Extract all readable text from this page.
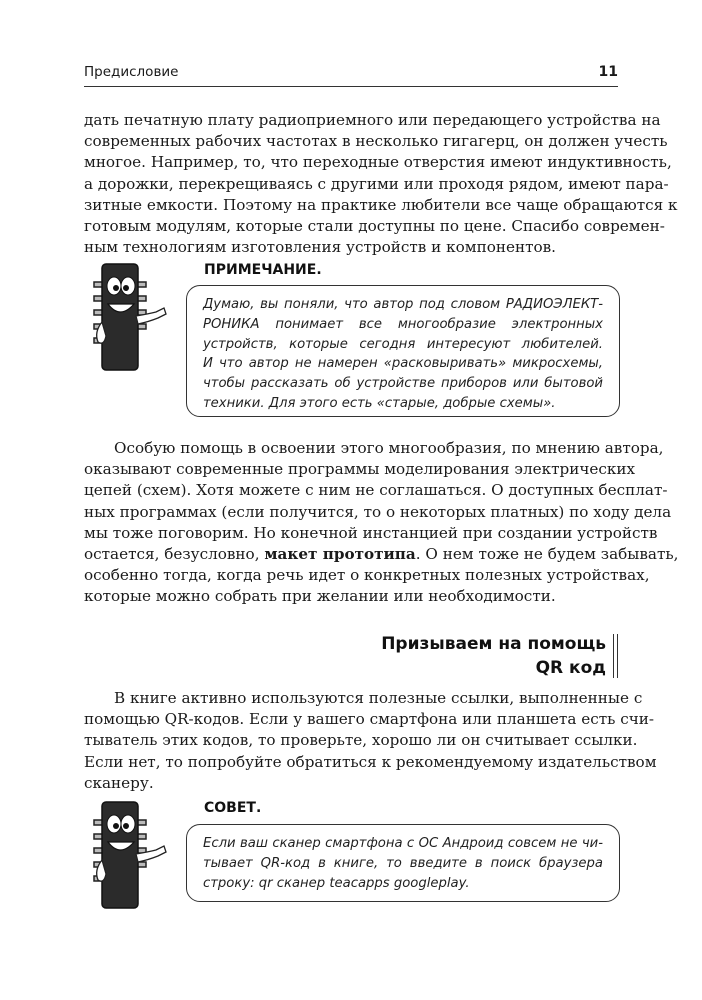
Предисловие	11
дать печатную плату радиоприемного или передающего устройства на
современных рабочих частотах в несколько гигагерц, он должен учесть
многое. Например, то, что переходные отверстия имеют индуктивность,
а дорожки, перекрещиваясь с другими или проходя рядом, имеют пара-
зитные емкости. Поэтому на практике любители все чаще обращаются к
готовым модулям, которые стали доступны по цене. Спасибо современ-
ным технологиям изготовления устройств и компонентов.
ПРИМЕЧАНИЕ.
Думаю, вы поняли, что автор под словом РАДИОЭЛЕКТ-
РОНИКА понимает все многообразие электронных
устройств, которые сегодня интересуют любителей.
И что автор не намерен «расковыривать» микросхемы,
чтобы рассказать об устройстве приборов или бытовой
техники. Для этого есть «старые, добрые схемы».
Особую помощь в освоении этого многообразия, по мнению автора,
оказывают современные программы моделирования электрических
цепей (схем). Хотя можете с ним не соглашаться. О доступных бесплат-
ных программах (если получится, то о некоторых платных) по ходу дела
мы тоже поговорим. Но конечной инстанцией при создании устройств
остается, безусловно, макет прототипа. О нем тоже не будем забывать,
особенно тогда, когда речь идет о конкретных полезных устройствах,
которые можно собрать при желании или необходимости.
Призываем на помощь
QR код
В книге активно используются полезные ссылки, выполненные с
помощью QR-кодов. Если у вашего смартфона или планшета есть счи-
тыватель этих кодов, то проверьте, хорошо ли он считывает ссылки.
Если нет, то попробуйте обратиться к рекомендуемому издательством
сканеру.
СОВЕТ.
Если ваш сканер смартфона с ОС Андроид совсем не чи-
тывает QR-код в книге, то введите в поиск браузера
строку: qr сканер teacapps googleplay.
